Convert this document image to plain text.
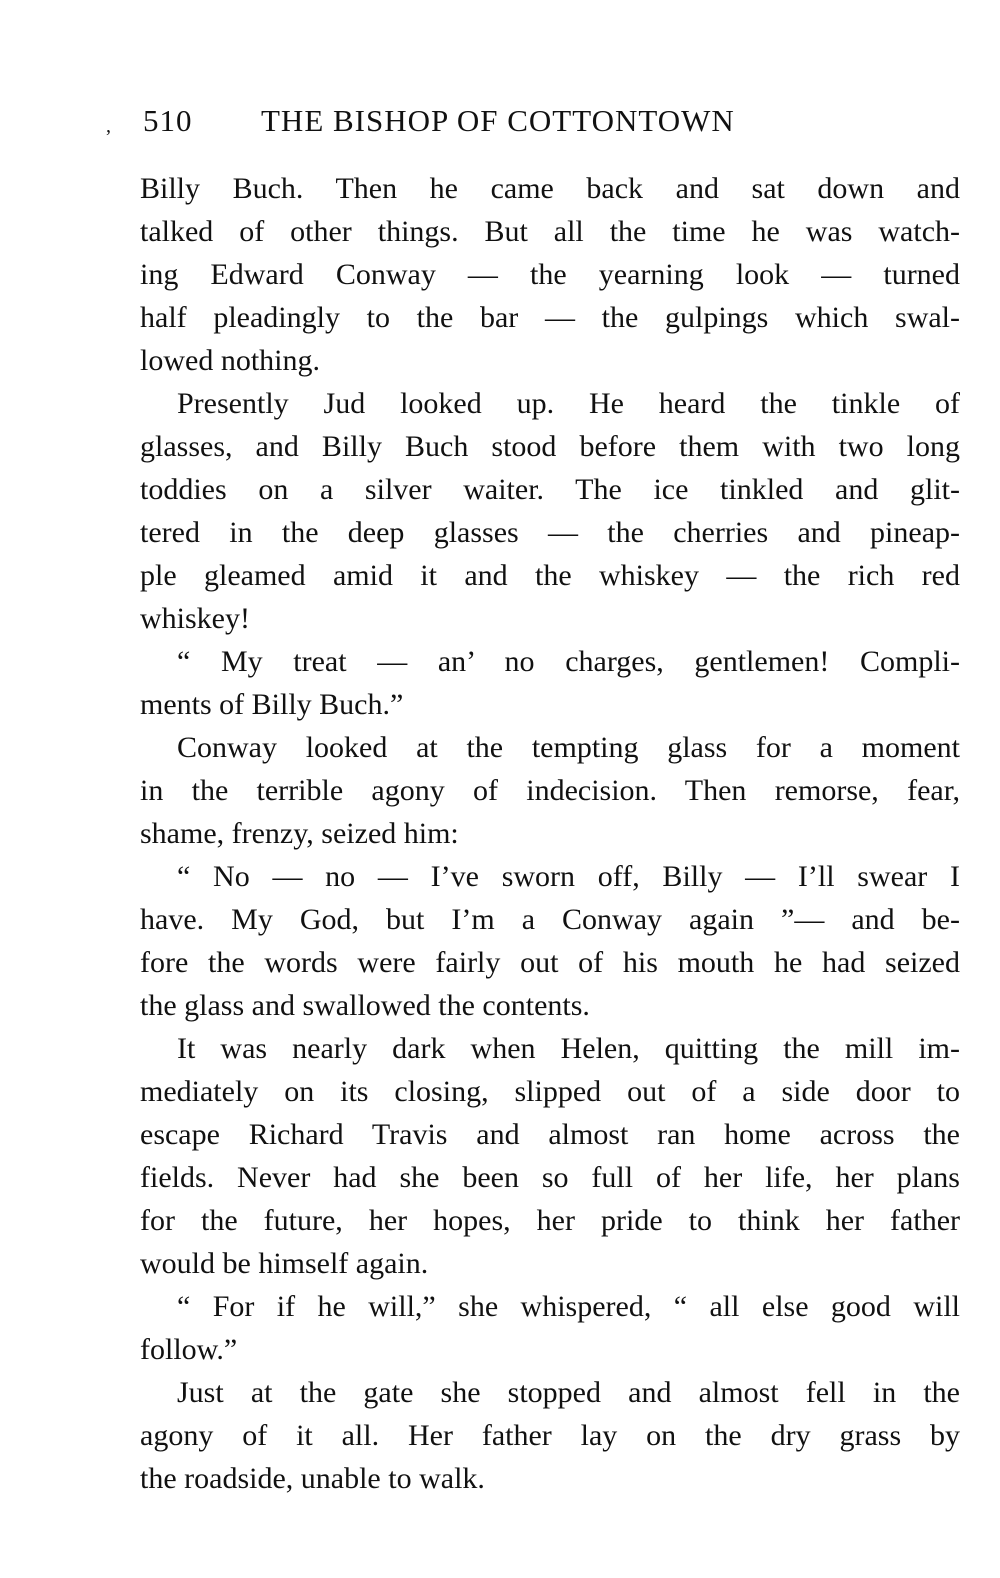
, 510 THE BISHOP OF COTTONTOWN
Billy Buch. Then he came back and sat down and
talked of other things. But all the time he was watch-
ing Edward Conway — the yearning look — turned
half pleadingly to the bar — the gulpings which swal-
lowed nothing.
Presently Jud looked up. He heard the tinkle of
glasses, and Billy Buch stood before them with two long
toddies on a silver waiter. The ice tinkled and glit-
tered in the deep glasses — the cherries and pineap-
ple gleamed amid it and the whiskey — the rich red
whiskey!
“ My treat — an’ no charges, gentlemen! Compli-
ments of Billy Buch.”
Conway looked at the tempting glass for a moment
in the terrible agony of indecision. Then remorse, fear,
shame, frenzy, seized him:
“ No — no — I’ve sworn off, Billy — I’ll swear I
have. My God, but I’m a Conway again ”— and be-
fore the words were fairly out of his mouth he had seized
the glass and swallowed the contents.
It was nearly dark when Helen, quitting the mill im-
mediately on its closing, slipped out of a side door to
escape Richard Travis and almost ran home across the
fields. Never had she been so full of her life, her plans
for the future, her hopes, her pride to think her father
would be himself again.
“ For if he will,” she whispered, “ all else good will
follow.”
Just at the gate she stopped and almost fell in the
agony of it all. Her father lay on the dry grass by
the roadside, unable to walk.
